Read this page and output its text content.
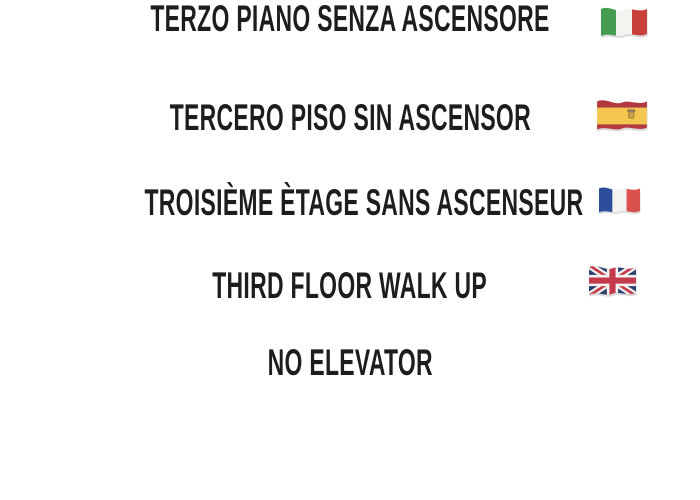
TERZO PIANO SENZA ASCENSORE
TERCERO PISO SIN ASCENSOR
TROISIÈME ÈTAGE SANS ASCENSEUR
THIRD FLOOR WALK UP
NO ELEVATOR
